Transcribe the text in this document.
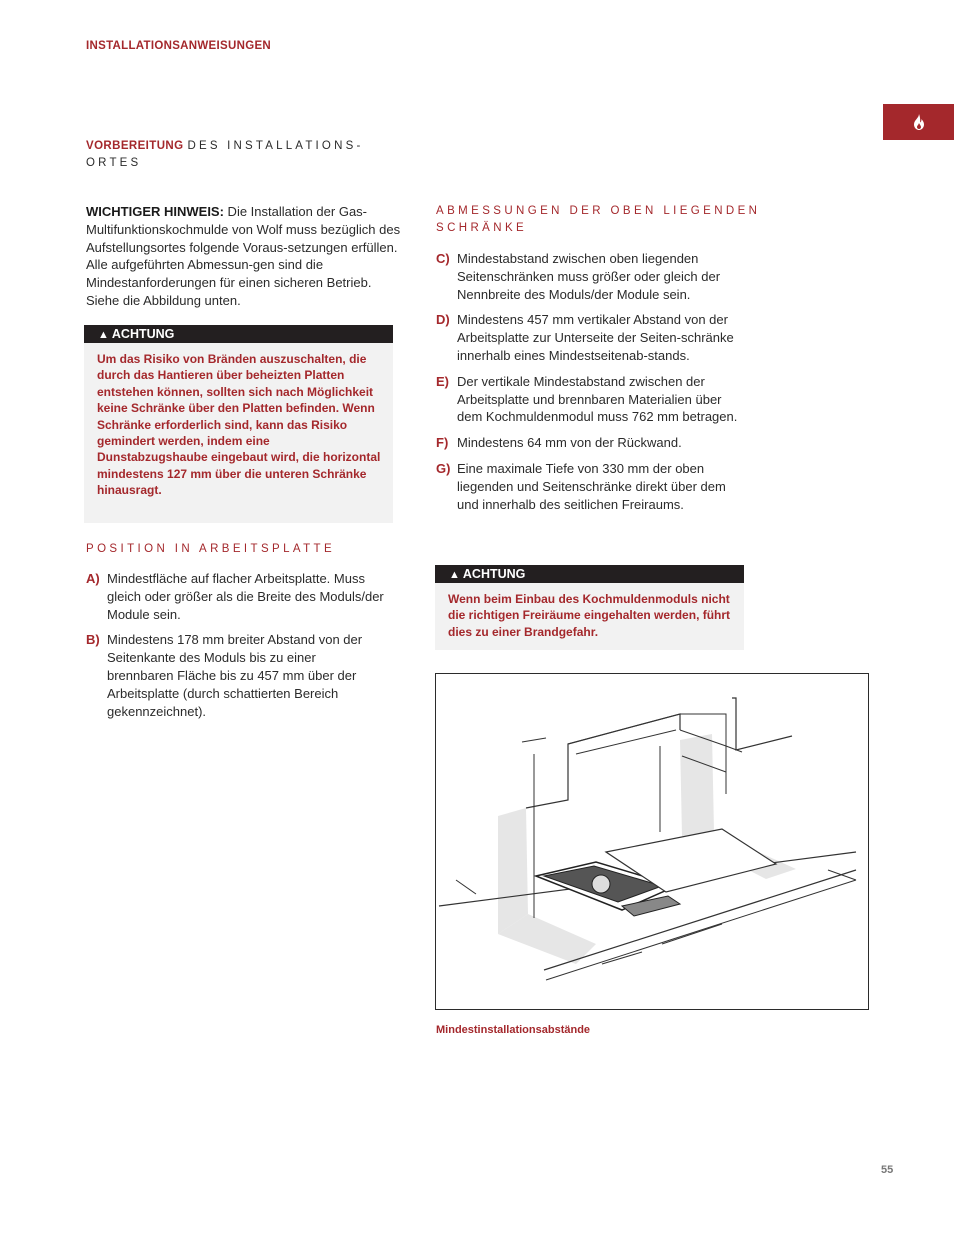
INSTALLATIONSANWEISUNGEN
VORBEREITUNG DES INSTALLATIONS-
ORTES
WICHTIGER HINWEIS: Die Installation der Gas-Multifunktionskochmulde von Wolf muss bezüglich des Aufstellungsortes folgende Voraus-setzungen erfüllen. Alle aufgeführten Abmessun-gen sind die Mindestanforderungen für einen sicheren Betrieb. Siehe die Abbildung unten.
▲ ACHTUNG
Um das Risiko von Bränden auszuschalten, die durch das Hantieren über beheizten Platten entstehen können, sollten sich nach Möglichkeit keine Schränke über den Platten befinden. Wenn Schränke erforderlich sind, kann das Risiko gemindert werden, indem eine Dunstabzugshaube eingebaut wird, die horizontal mindestens 127 mm über die unteren Schränke hinausragt.
POSITION IN ARBEITSPLATTE
A) Mindestfläche auf flacher Arbeitsplatte. Muss gleich oder größer als die Breite des Moduls/der Module sein.
B) Mindestens 178 mm breiter Abstand von der Seitenkante des Moduls bis zu einer brennbaren Fläche bis zu 457 mm über der Arbeitsplatte (durch schattierten Bereich gekennzeichnet).
ABMESSUNGEN DER OBEN LIEGENDEN
SCHRÄNKE
C) Mindestabstand zwischen oben liegenden Seitenschränken muss größer oder gleich der Nennbreite des Moduls/der Module sein.
D) Mindestens 457 mm vertikaler Abstand von der Arbeitsplatte zur Unterseite der Seiten-schränke innerhalb eines Mindestseitenab-stands.
E) Der vertikale Mindestabstand zwischen der Arbeitsplatte und brennbaren Materialien über dem Kochmuldenmodul muss 762 mm betragen.
F) Mindestens 64 mm von der Rückwand.
G) Eine maximale Tiefe von 330 mm der oben liegenden und Seitenschränke direkt über dem und innerhalb des seitlichen Freiraums.
▲ ACHTUNG
Wenn beim Einbau des Kochmuldenmoduls nicht die richtigen Freiräume eingehalten werden, führt dies zu einer Brandgefahr.
Mindestinstallationsabstände
55
